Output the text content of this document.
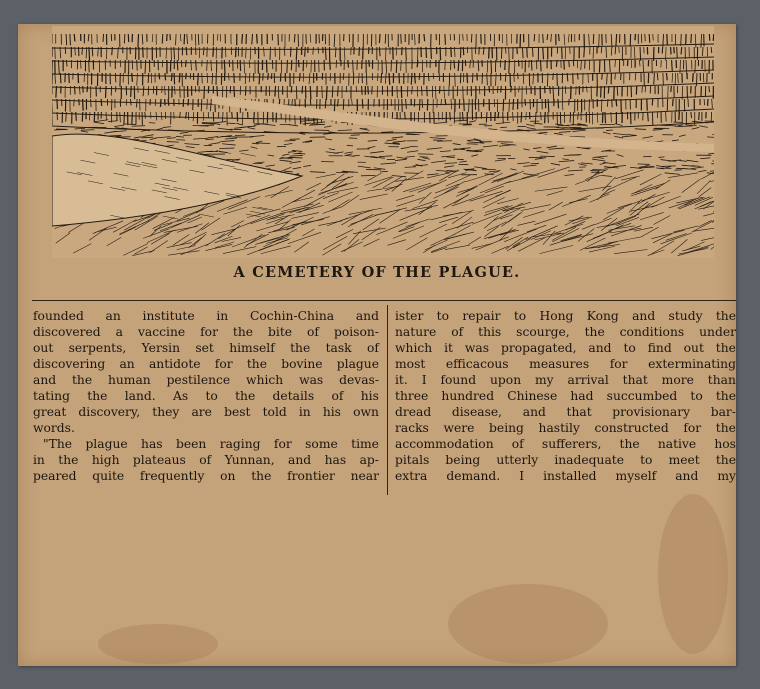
A CEMETERY OF THE PLAGUE.
founded an institute in Cochin-China and
discovered a vaccine for the bite of poison-
out serpents, Yersin set himself the task of
discovering an antidote for the bovine plague
and the human pestilence which was devas-
tating the land. As to the details of his
great discovery, they are best told in his own
words.
"The plague has been raging for some time
in the high plateaus of Yunnan, and has ap-
peared quite frequently on the frontier near
ister to repair to Hong Kong and study the
nature of this scourge, the conditions under
which it was propagated, and to find out the
most efficacous measures for exterminating
it. I found upon my arrival that more than
three hundred Chinese had succumbed to the
dread disease, and that provisionary bar-
racks were being hastily constructed for the
accommodation of sufferers, the native hos
pitals being utterly inadequate to meet the
extra demand. I installed myself and my
